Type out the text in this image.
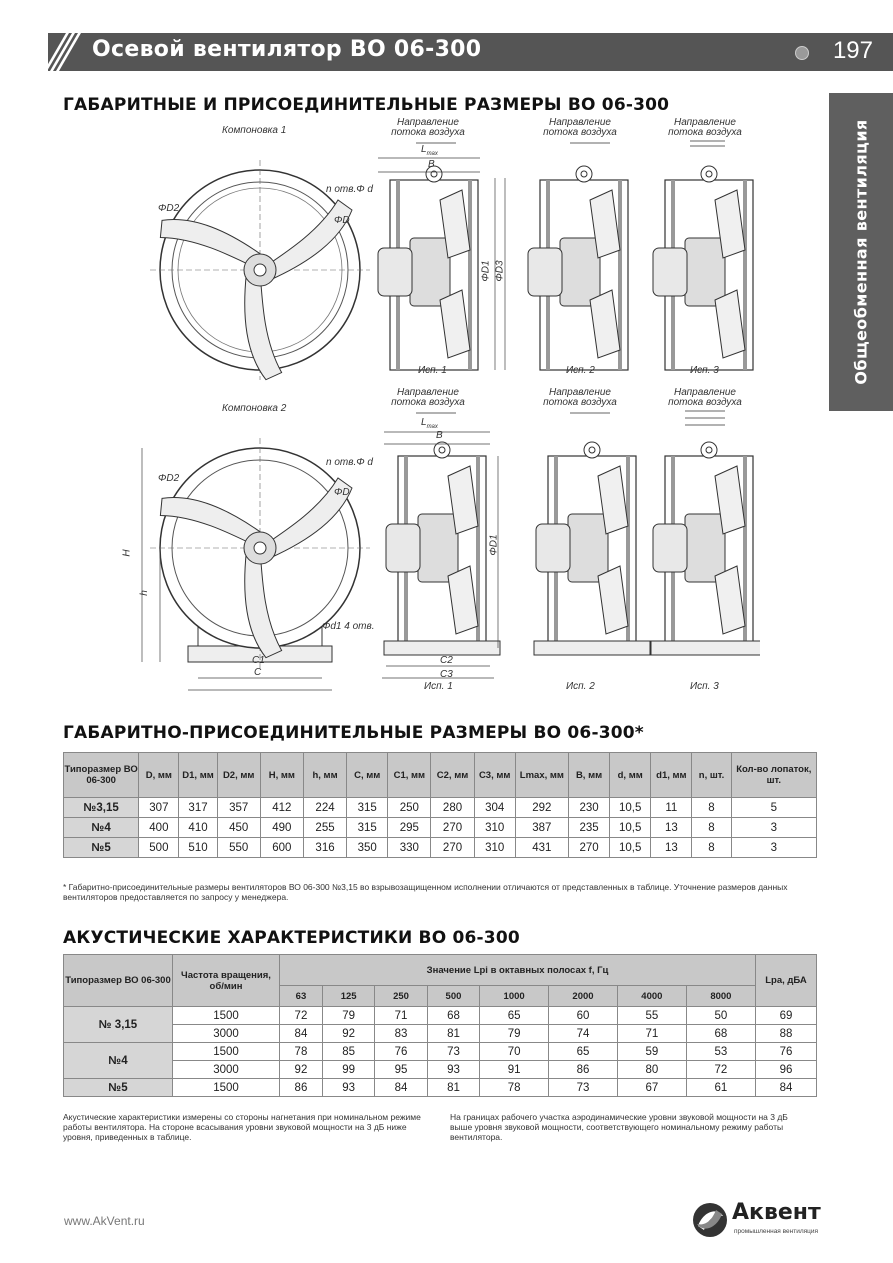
Осевой вентилятор ВО 06-300	197
Общеобменная вентиляция
ГАБАРИТНЫЕ И ПРИСОЕДИНИТЕЛЬНЫЕ РАЗМЕРЫ ВО 06-300
Компоновка 1
Компоновка 2
Направление
потока воздуха
Направление
потока воздуха
Направление
потока воздуха
Направление
потока воздуха
Направление
потока воздуха
Направление
потока воздуха
$L_{max}$
B
$L_{max}$
B
n отв.Φ d
ΦD2
ΦD
ΦD1 ΦD3
n отв.Φ d
ΦD2
ΦD
ΦD1
H
h
Φd1 4 отв.
C1
C
C2
C3
Исп. 1	Исп. 2	Исп. 3
Исп. 1	Исп. 2	Исп. 3
ГАБАРИТНО-ПРИСОЕДИНИТЕЛЬНЫЕ РАЗМЕРЫ ВО 06-300*
Типоразмер ВО 06-300	D, мм	D1, мм	D2, мм	H, мм	h, мм	C, мм	C1, мм	C2, мм	C3, мм	Lmax, мм	B, мм	d, мм	d1, мм	n, шт.	Кол-во лопаток, шт.
№3,15	307	317	357	412	224	315	250	280	304	292	230	10,5	11	8	5
№4	400	410	450	490	255	315	295	270	310	387	235	10,5	13	8	3
№5	500	510	550	600	316	350	330	270	310	431	270	10,5	13	8	3
* Габаритно-присоединительные размеры вентиляторов ВО 06-300 №3,15 во взрывозащищенном исполнении отличаются от представленных в таблице. Уточнение размеров данных вентиляторов предоставляется по запросу у менеджера.
АКУСТИЧЕСКИЕ ХАРАКТЕРИСТИКИ ВО 06-300
Типоразмер ВО 06-300	Частота вращения, об/мин	Значение Lpi в октавных полосах f, Гц								Lpa, дБА
		63	125	250	500	1000	2000	4000	8000	
№ 3,15	1500	72	79	71	68	65	60	55	50	69
	3000	84	92	83	81	79	74	71	68	88
№4	1500	78	85	76	73	70	65	59	53	76
	3000	92	99	95	93	91	86	80	72	96
№5	1500	86	93	84	81	78	73	67	61	84
Акустические характеристики измерены со стороны нагнетания при номинальном режиме работы вентилятора. На стороне всасывания уровни звуковой мощности на 3 дБ ниже уровня, приведенных в таблице.
На границах рабочего участка аэродинамические уровни звуковой мощности на 3 дБ выше уровня звуковой мощности, соответствующего номинальному режиму работы вентилятора.
www.AkVent.ru	Аквент
промышленная вентиляция
